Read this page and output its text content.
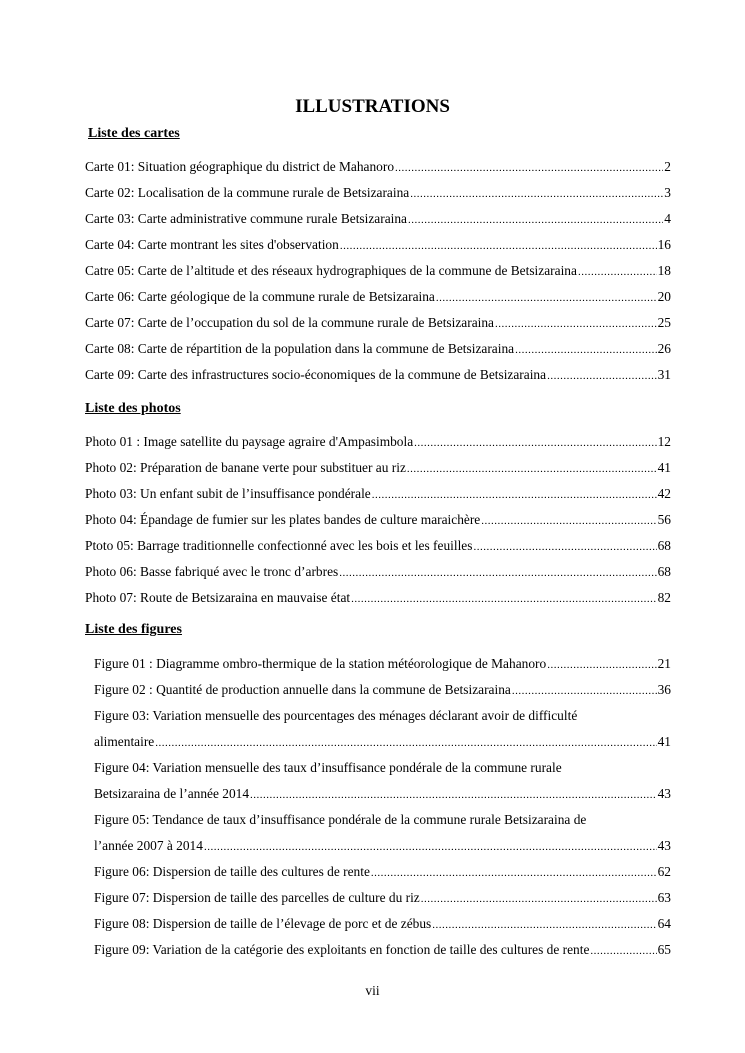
ILLUSTRATIONS
Liste des cartes
Carte 01: Situation géographique du district de Mahanoro .....	2
Carte 02: Localisation de la commune rurale de Betsizaraina .....	3
Carte 03: Carte administrative commune rurale Betsizaraina .....	4
Carte 04: Carte montrant les sites d'observation .....	16
Catre 05: Carte de l’altitude et des réseaux hydrographiques de la commune de Betsizaraina .....	18
Carte 06: Carte géologique de la commune rurale de Betsizaraina .....	20
Carte 07: Carte de l’occupation du sol de la commune rurale de Betsizaraina .....	25
Carte 08: Carte de répartition de la population dans la commune de Betsizaraina .....	26
Carte 09: Carte des infrastructures socio-économiques de la commune de Betsizaraina .....	31
Liste des photos
Photo 01 : Image satellite du paysage agraire d'Ampasimbola .....	12
Photo 02: Préparation de banane verte pour substituer au riz .....	41
Photo 03: Un enfant subit de l’insuffisance pondérale .....	42
Photo 04: Épandage de fumier sur les plates bandes de culture maraichère .....	56
Ptoto 05: Barrage traditionnelle confectionné avec les bois et les feuilles .....	68
Photo 06: Basse fabriqué avec le tronc d’arbres .....	68
Photo 07: Route de Betsizaraina en mauvaise état .....	82
Liste des figures
Figure 01 : Diagramme ombro-thermique de la station météorologique de Mahanoro .....	21
Figure 02 : Quantité de production annuelle dans la commune de Betsizaraina .....	36
Figure 03: Variation mensuelle des pourcentages des ménages déclarant avoir de difficulté
alimentaire .....	41
Figure 04: Variation mensuelle des taux d’insuffisance pondérale de la commune rurale
Betsizaraina de l’année 2014 .....	43
Figure 05: Tendance de taux d’insuffisance pondérale de la commune rurale Betsizaraina de
l’année 2007 à 2014 .....	43
Figure 06: Dispersion de taille des cultures de rente .....	62
Figure 07: Dispersion de taille des parcelles de culture du riz .....	63
Figure 08: Dispersion de taille de l’élevage de porc et de zébus .....	64
Figure 09: Variation de la catégorie des exploitants en fonction de taille des cultures de rente .....	65
vii
